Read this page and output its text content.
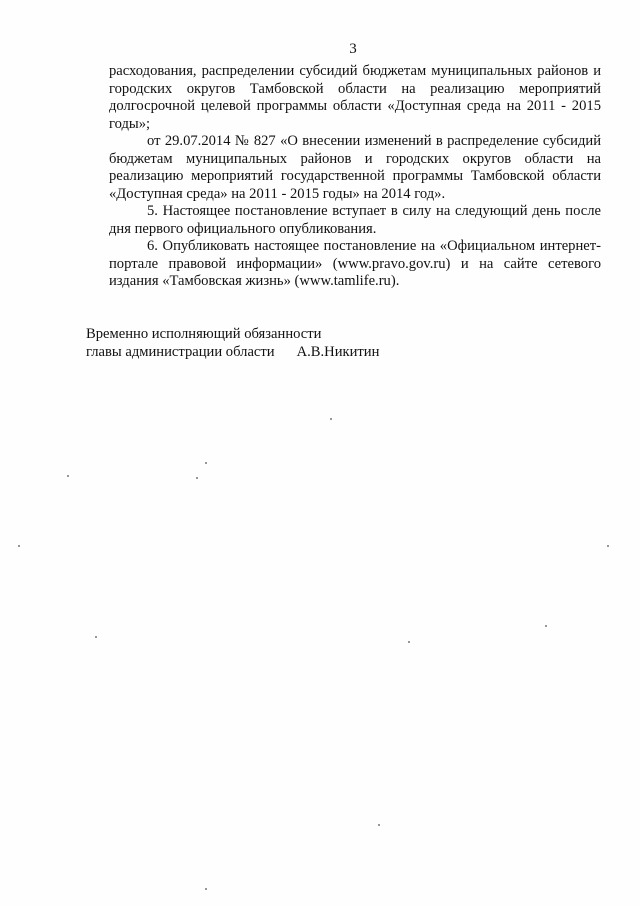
3

расходования, распределении субсидий бюджетам муниципальных районов и городских округов Тамбовской области на реализацию мероприятий долгосрочной целевой программы области «Доступная среда на 2011 - 2015 годы»;

от 29.07.2014 № 827 «О внесении изменений в распределение субсидий бюджетам муниципальных районов и городских округов области на реализацию мероприятий государственной программы Тамбовской области «Доступная среда» на 2011 - 2015 годы» на 2014 год».

5. Настоящее постановление вступает в силу на следующий день после дня первого официального опубликования.

6. Опубликовать настоящее постановление на «Официальном интернет-портале правовой информации» (www.pravo.gov.ru) и на сайте сетевого издания «Тамбовская жизнь» (www.tamlife.ru).

Временно исполняющий обязанности
главы администрации области А.В.Никитин
